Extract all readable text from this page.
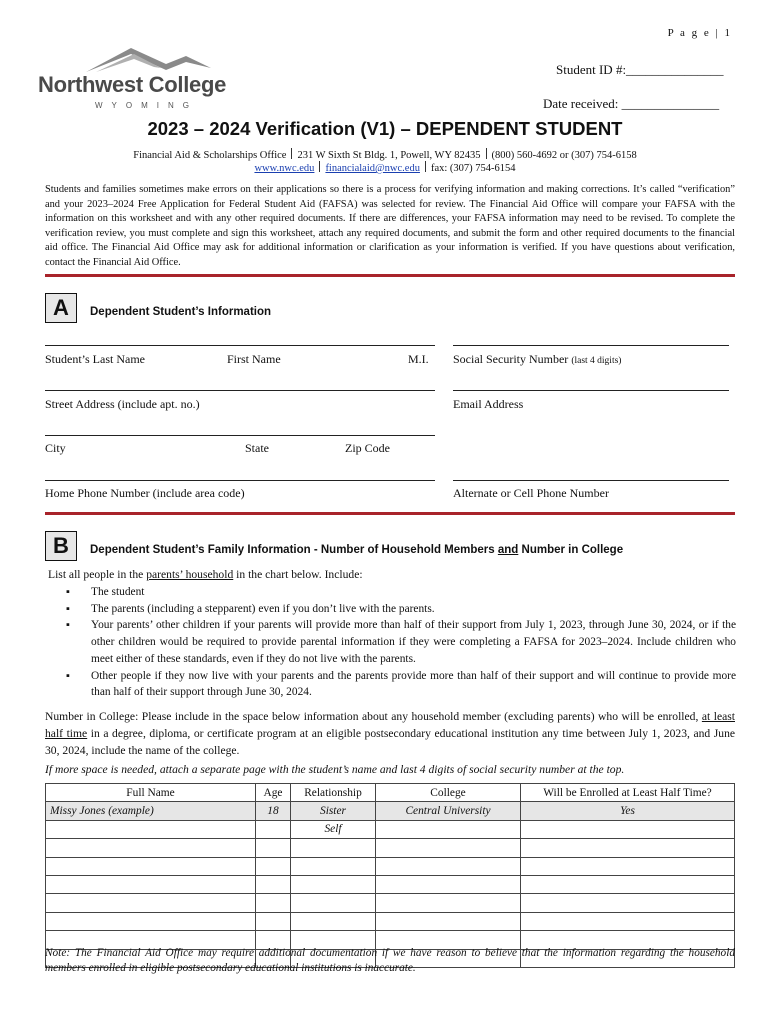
P a g e | 1
Northwest College
WYOMING
Student ID #:_______________
Date received: _______________
2023 – 2024 Verification (V1) – DEPENDENT STUDENT
Financial Aid & Scholarships Office 231 W Sixth St Bldg. 1, Powell, WY 82435 (800) 560-4692 or (307) 754-6158
www.nwc.edu financialaid@nwc.edu fax: (307) 754-6154
Students and families sometimes make errors on their applications so there is a process for verifying information and making corrections. It’s called “verification” and your 2023–2024 Free Application for Federal Student Aid (FAFSA) was selected for review. The Financial Aid Office will compare your FAFSA with the information on this worksheet and with any other required documents. If there are differences, your FAFSA information may need to be revised. To complete the verification review, you must complete and sign this worksheet, attach any required documents, and submit the form and other required documents to the financial aid office. The Financial Aid Office may ask for additional information or clarification as your information is verified. If you have questions about verification, contact the Financial Aid Office.
A	Dependent Student’s Information
Student’s Last Name	First Name	M.I. Social Security Number (last 4 digits)
Street Address (include apt. no.)	Email Address
City	State	Zip Code
Home Phone Number (include area code)	Alternate or Cell Phone Number
B	Dependent Student’s Family Information - Number of Household Members and Number in College
List all people in the parents’ household in the chart below. Include:
▪ The student
▪ The parents (including a stepparent) even if you don’t live with the parents.
▪ Your parents’ other children if your parents will provide more than half of their support from July 1, 2023, through June 30, 2024, or if the other children would be required to provide parental information if they were completing a FAFSA for 2023–2024. Include children who meet either of these standards, even if they do not live with the parents.
▪ Other people if they now live with your parents and the parents provide more than half of their support and will continue to provide more than half of their support through June 30, 2024.
Number in College: Please include in the space below information about any household member (excluding parents) who will be enrolled, at least half time in a degree, diploma, or certificate program at an eligible postsecondary educational institution any time between July 1, 2023, and June 30, 2024, include the name of the college.
If more space is needed, attach a separate page with the student’s name and last 4 digits of social security number at the top.
Full Name	Age	Relationship	College	Will be Enrolled at Least Half Time?
Missy Jones (example)	18	Sister	Central University	Yes
		Self		

Note: The Financial Aid Office may require additional documentation if we have reason to believe that the information regarding the household members enrolled in eligible postsecondary educational institutions is inaccurate.
